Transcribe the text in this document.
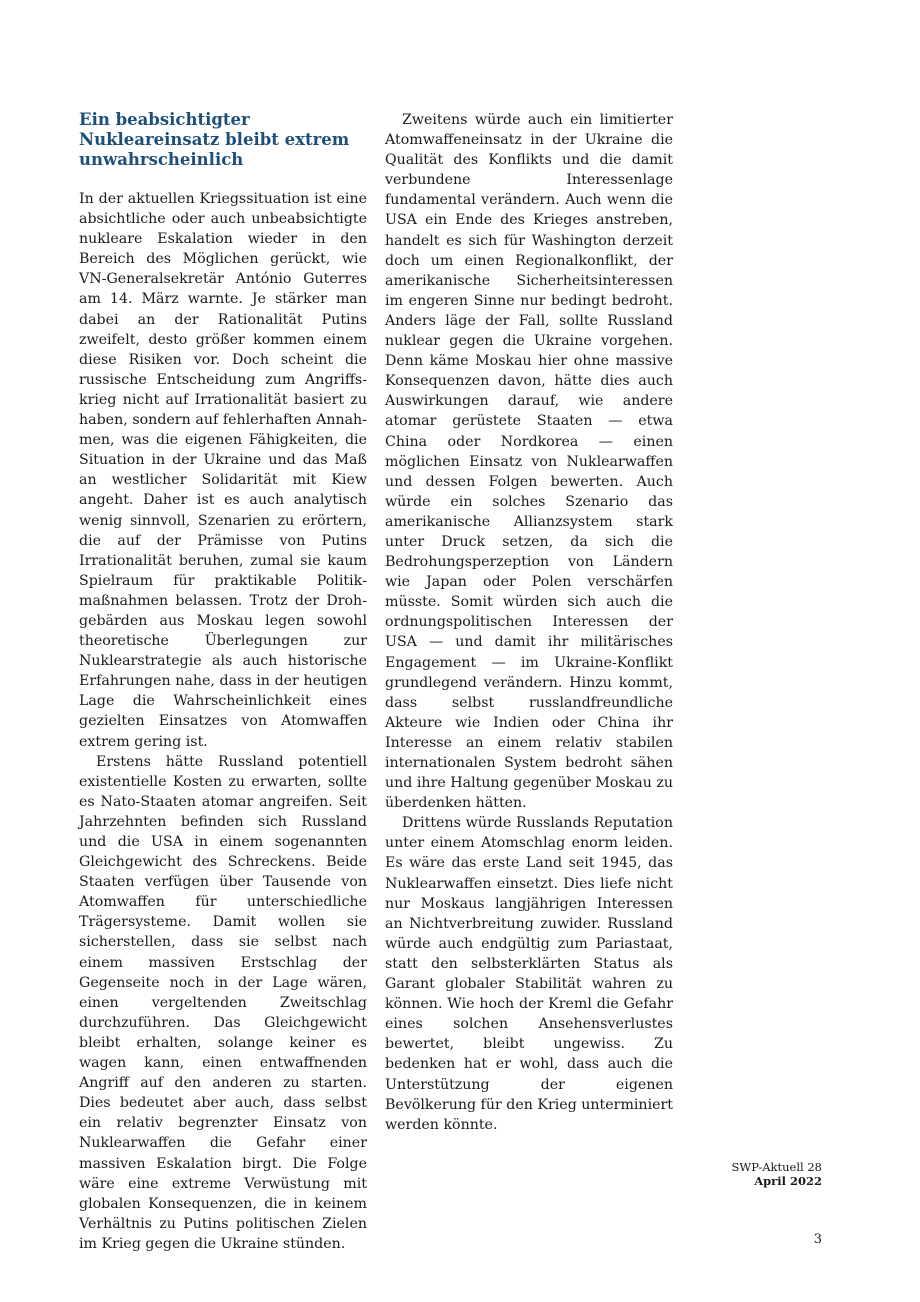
Ein beabsichtigter Nukleareinsatz bleibt extrem unwahrscheinlich

In der aktuellen Kriegssituation ist eine absichtliche oder auch unbeabsichtigte nukleare Eskalation wieder in den Bereich des Möglichen gerückt, wie VN-Generalsekretär António Guterres am 14. März warnte. Je stärker man dabei an der Rationalität Putins zweifelt, desto größer kommen einem diese Risiken vor. Doch scheint die russische Entscheidung zum Angriffskrieg nicht auf Irrationalität basiert zu haben, sondern auf fehlerhaften Annahmen, was die eigenen Fähigkeiten, die Situation in der Ukraine und das Maß an westlicher Solidarität mit Kiew angeht. Daher ist es auch analytisch wenig sinnvoll, Szenarien zu erörtern, die auf der Prämisse von Putins Irrationalität beruhen, zumal sie kaum Spielraum für praktikable Politikmaßnahmen belassen. Trotz der Drohgebärden aus Moskau legen sowohl theoretische Überlegungen zur Nuklearstrategie als auch historische Erfahrungen nahe, dass in der heutigen Lage die Wahrscheinlichkeit eines gezielten Einsatzes von Atomwaffen extrem gering ist.

Erstens hätte Russland potentiell existentielle Kosten zu erwarten, sollte es Nato-Staaten atomar angreifen. Seit Jahrzehnten befinden sich Russland und die USA in einem sogenannten Gleichgewicht des Schreckens. Beide Staaten verfügen über Tausende von Atomwaffen für unterschiedliche Trägersysteme. Damit wollen sie sicherstellen, dass sie selbst nach einem massiven Erstschlag der Gegenseite noch in der Lage wären, einen vergeltenden Zweitschlag durchzuführen. Das Gleichgewicht bleibt erhalten, solange keiner es wagen kann, einen entwaffnenden Angriff auf den anderen zu starten. Dies bedeutet aber auch, dass selbst ein relativ begrenzter Einsatz von Nuklearwaffen die Gefahr einer massiven Eskalation birgt. Die Folge wäre eine extreme Verwüstung mit globalen Konsequenzen, die in keinem Verhältnis zu Putins politischen Zielen im Krieg gegen die Ukraine stünden.

Zweitens würde auch ein limitierter Atomwaffeneinsatz in der Ukraine die Qualität des Konflikts und die damit verbundene Interessenlage fundamental verändern. Auch wenn die USA ein Ende des Krieges anstreben, handelt es sich für Washington derzeit doch um einen Regionalkonflikt, der amerikanische Sicherheitsinteressen im engeren Sinne nur bedingt bedroht. Anders läge der Fall, sollte Russland nuklear gegen die Ukraine vorgehen. Denn käme Moskau hier ohne massive Konsequenzen davon, hätte dies auch Auswirkungen darauf, wie andere atomar gerüstete Staaten — etwa China oder Nordkorea — einen möglichen Einsatz von Nuklearwaffen und dessen Folgen bewerten. Auch würde ein solches Szenario das amerikanische Allianzsystem stark unter Druck setzen, da sich die Bedrohungsperzeption von Ländern wie Japan oder Polen verschärfen müsste. Somit würden sich auch die ordnungspolitischen Interessen der USA — und damit ihr militärisches Engagement — im Ukraine-Konflikt grundlegend verändern. Hinzu kommt, dass selbst russlandfreundliche Akteure wie Indien oder China ihr Interesse an einem relativ stabilen internationalen System bedroht sähen und ihre Haltung gegenüber Moskau zu überdenken hätten.

Drittens würde Russlands Reputation unter einem Atomschlag enorm leiden. Es wäre das erste Land seit 1945, das Nuklearwaffen einsetzt. Dies liefe nicht nur Moskaus langjährigen Interessen an Nichtverbreitung zuwider. Russland würde auch endgültig zum Pariastaat, statt den selbsterklärten Status als Garant globaler Stabilität wahren zu können. Wie hoch der Kreml die Gefahr eines solchen Ansehensverlustes bewertet, bleibt ungewiss. Zu bedenken hat er wohl, dass auch die Unterstützung der eigenen Bevölkerung für den Krieg unterminiert werden könnte.

SWP-Aktuell 28
April 2022
3
